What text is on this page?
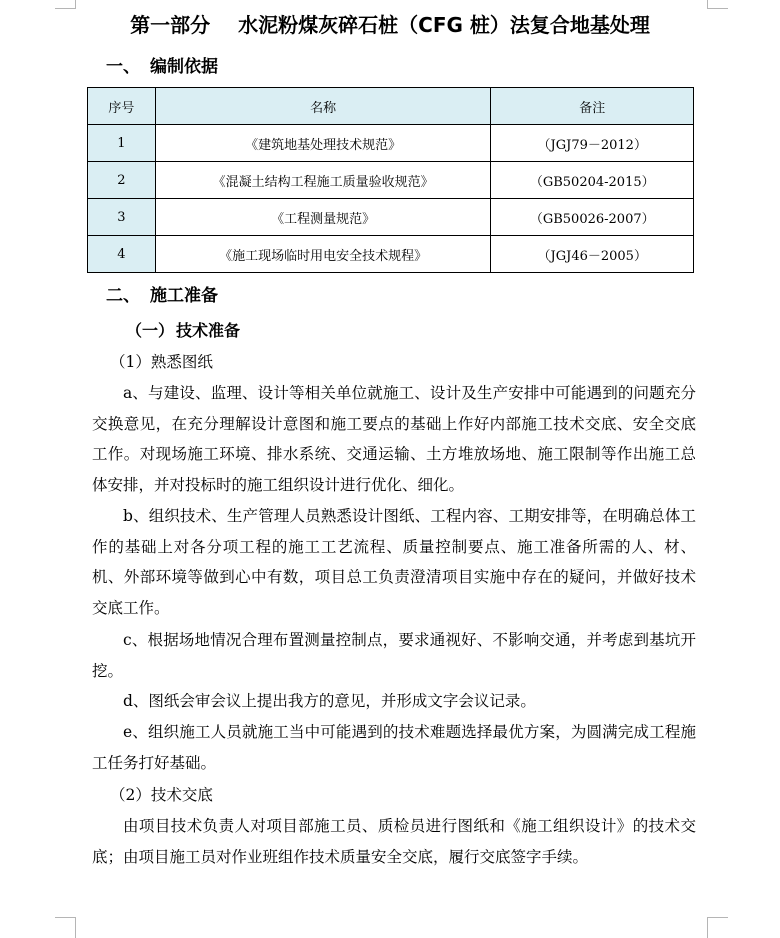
第一部分 水泥粉煤灰碎石桩（CFG 桩）法复合地基处理
一、 编制依据
序号	名称	备注
1	《建筑地基处理技术规范》	（JGJ79－2012）
2	《混凝土结构工程施工质量验收规范》	（GB50204-2015）
3	《工程测量规范》	（GB50026-2007）
4	《施工现场临时用电安全技术规程》	（JGJ46－2005）
二、 施工准备
（一） 技术准备
（1）熟悉图纸

a、与建设、监理、设计等相关单位就施工、设计及生产安排中可能遇到的问题充分交换意见，在充分理解设计意图和施工要点的基础上作好内部施工技术交底、安全交底工作。对现场施工环境、排水系统、交通运输、土方堆放场地、施工限制等作出施工总体安排，并对投标时的施工组织设计进行优化、细化。

b、组织技术、生产管理人员熟悉设计图纸、工程内容、工期安排等，在明确总体工作的基础上对各分项工程的施工工艺流程、质量控制要点、施工准备所需的人、材、机、外部环境等做到心中有数，项目总工负责澄清项目实施中存在的疑问，并做好技术交底工作。

c、根据场地情况合理布置测量控制点，要求通视好、不影响交通，并考虑到基坑开挖。

d、图纸会审会议上提出我方的意见，并形成文字会议记录。

e、组织施工人员就施工当中可能遇到的技术难题选择最优方案，为圆满完成工程施工任务打好基础。

（2）技术交底

由项目技术负责人对项目部施工员、质检员进行图纸和《施工组织设计》的技术交底；由项目施工员对作业班组作技术质量安全交底，履行交底签字手续。
